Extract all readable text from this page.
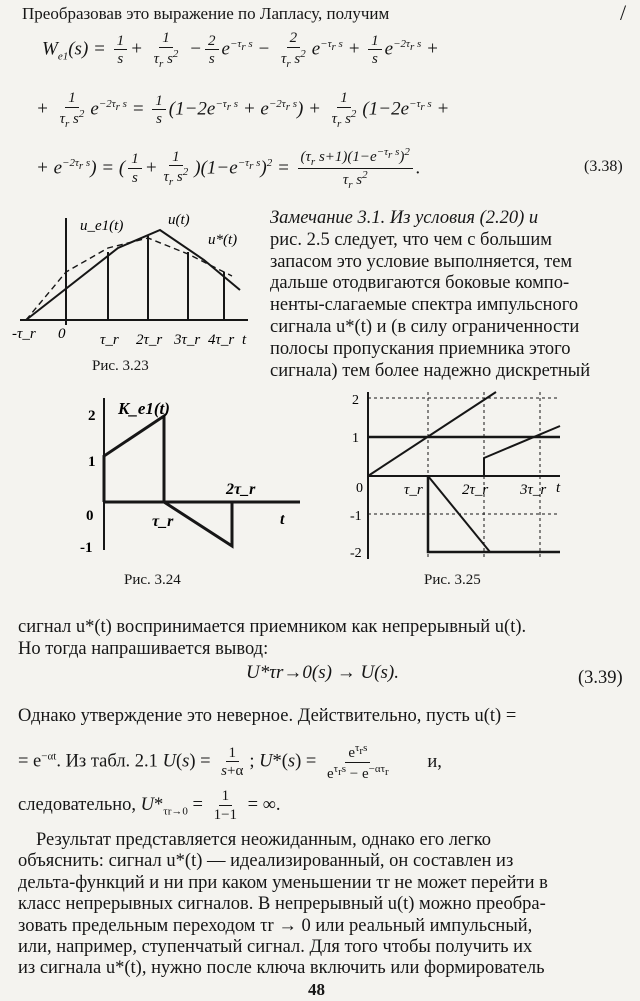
Преобразовав это выражение по Лапласу, получим	/
$W_{e1}(s) = \frac{1}{s} + \frac{1}{\tau_r s^2} - \frac{2}{s} e^{-\tau_r s} - \frac{2}{\tau_r s^2} e^{-\tau_r s} + \frac{1}{s} e^{-2\tau_r s}$ +
+ $\frac{1}{\tau_r s^2} e^{-2\tau_r s} = \frac{1}{s} (1-2e^{-\tau_r s} + e^{-2\tau_r s}) + \frac{1}{\tau_r s^2} (1-2e^{-\tau_r s}$ +
+ $e^{-2\tau_r s}$) = ( $\frac{1}{s} + \frac{1}{\tau_r s^2} )(1-e^{-\tau_r s})^2 = \frac{(\tau_r s+1)(1-e^{-\tau_r s})^2}{\tau_r s^2}$ .	(3.38)
u_e1(t)	u(t)
u*(t)
-τ_r 0 τ_r 2τ_r 3τ_r 4τ_r t
Рис. 3.23
Замечание 3.1. Из условия (2.20) и
рис. 2.5 следует, что чем с большим
запасом это условие выполняется, тем
дальше отодвигаются боковые компо-
ненты-слагаемые спектра импульсного
сигнала u*(t) и (в силу ограниченности
полосы пропускания приемника этого
сигнала) тем более надежно дискретный
2 K_e1(t)
1
0
-1
τ_r
2τ_r
t
Рис. 3.24
2
1
0
-1
-2
τ_r	2τ_r 3τ_r t
Рис. 3.25
сигнал u*(t) воспринимается приемником как непрерывный u(t).
Но тогда напрашивается вывод:
U*τr→0(s) → U(s).	(3.39)
Однако утверждение это неверное. Действительно, пусть u(t) =
= $e^{-\alpha t}$. Из табл. 2.1 $U(s) = \frac{1}{s+\alpha}$ ; $U*(s) = \frac{e^{\tau_rs}}{e^{\tau_rs} - e^{-\alpha\tau_r}} и$,
следовательно, $U*_{\tau r\to 0} = \frac{1}{1-1}$ = ∞.
Результат представляется неожиданным, однако его легко
объяснить: сигнал u*(t) — идеализированный, он составлен из
дельта-функций и ни при каком уменьшении τr не может перейти в
класс непрерывных сигналов. В непрерывный u(t) можно преобра-
зовать предельным переходом τr → 0 или реальный импульсный,
или, например, ступенчатый сигнал. Для того чтобы получить их
из сигнала u*(t), нужно после ключа включить или формирователь
48
